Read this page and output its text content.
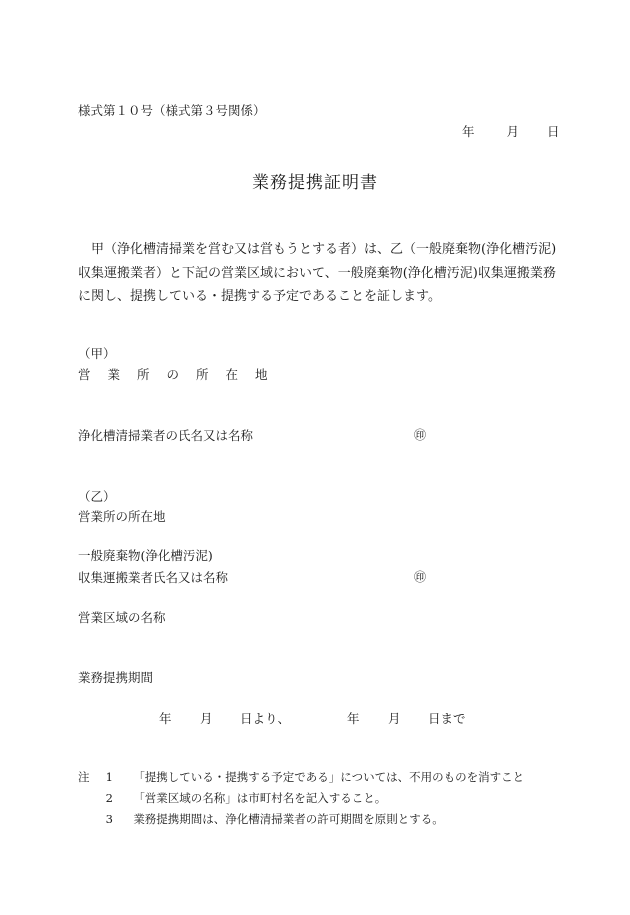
様式第１０号（様式第３号関係）
年	月 日
業務提携証明書
甲（浄化槽清掃業を営む又は営もうとする者）は、乙（一般廃棄物(浄化槽汚泥)収集運搬業者）と下記の営業区域において、一般廃棄物(浄化槽汚泥)収集運搬業務に関し、提携している・提携する予定であることを証します。
（甲）
営 業 所 の 所 在 地
浄化槽清掃業者の氏名又は名称	㊞
（乙）
営業所の所在地
一般廃棄物(浄化槽汚泥)
収集運搬業者氏名又は名称	㊞
営業区域の名称
業務提携期間
年 月 日より、	年 月 日まで
注 1 「提携している・提携する予定である」については、不用のものを消すこと
2 「営業区域の名称」は市町村名を記入すること。
3 業務提携期間は、浄化槽清掃業者の許可期間を原則とする。
